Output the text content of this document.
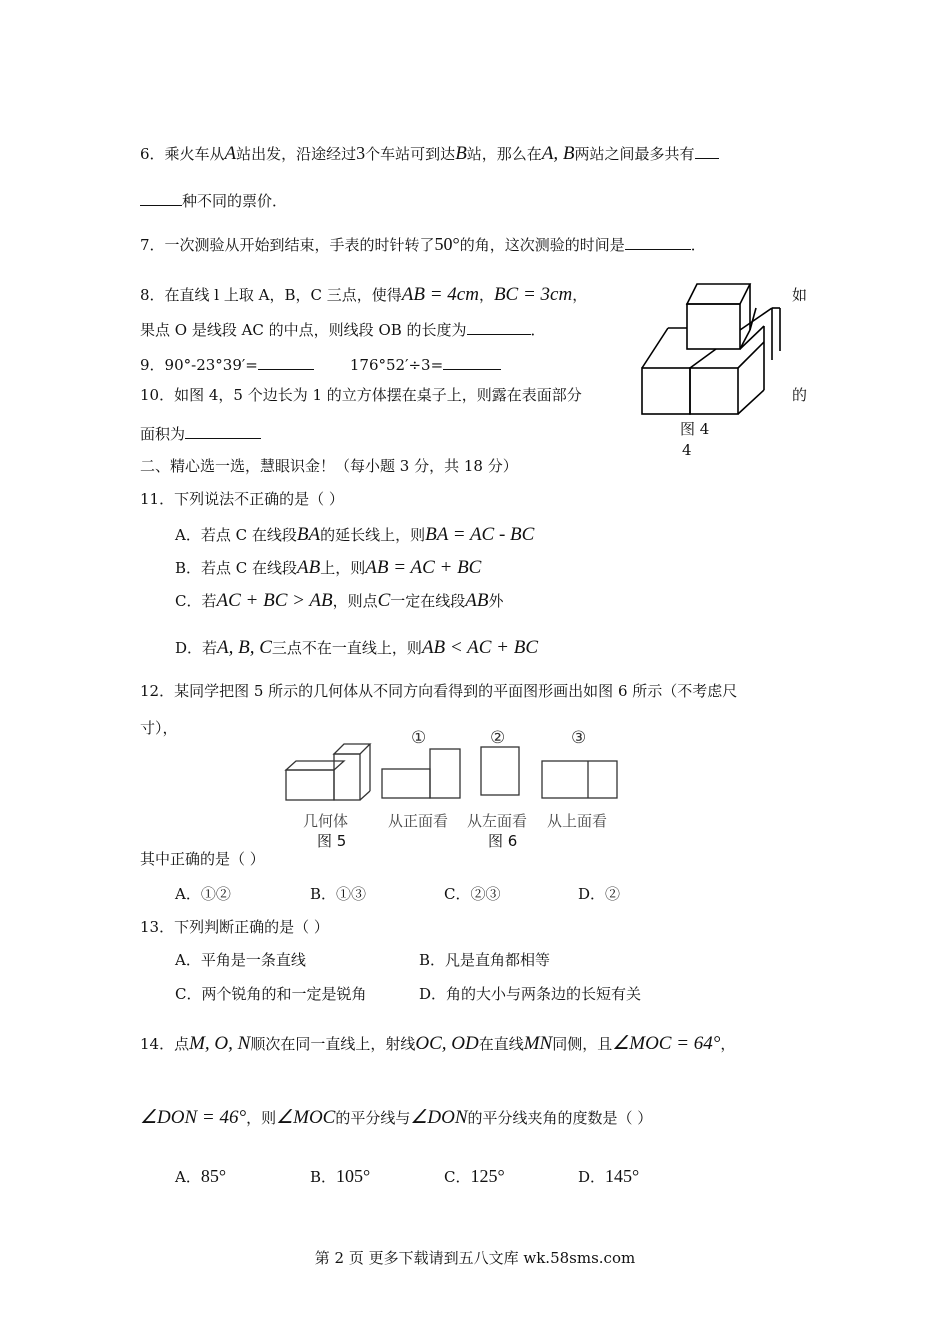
6．乘火车从A站出发，沿途经过3个车站可到达B站，那么在A, B两站之间最多共有
种不同的票价．
7．一次测验从开始到结束，手表的时针转了50°的角，这次测验的时间是	．
8．在直线 l 上取 A，B，C 三点，使得AB = 4cm，BC = 3cm，	如
果点 O 是线段 AC 的中点，则线段 OB 的长度为	．
9．90°-23°39′=	176°52′÷3=
10．如图 4，5 个边长为 1 的立方体摆在桌子上，则露在表面部分	的
面积为	图 4
4
二、精心选一选，慧眼识金！（每小题 3 分，共 18 分）
11．下列说法不正确的是（ ）
A．若点 C 在线段BA的延长线上，则BA = AC - BC
B．若点 C 在线段AB上，则AB = AC + BC
C．若AC + BC > AB，则点C一定在线段AB外
D．若A, B, C三点不在一直线上，则AB < AC + BC
12．某同学把图 5 所示的几何体从不同方向看得到的平面图形画出如图 6 所示（不考虑尺
寸），	①	②	③
几何体	从正面看 从左面看 从上面看
图 5	图 6
其中正确的是（ ）
A．①②	B．①③	C．②③	D．②
13．下列判断正确的是（ ）
A．平角是一条直线	B．凡是直角都相等
C．两个锐角的和一定是锐角	D．角的大小与两条边的长短有关
14．点M, O, N顺次在同一直线上，射线OC, OD在直线MN同侧，且∠MOC = 64°，
∠DON = 46°，则∠MOC的平分线与∠DON的平分线夹角的度数是（ ）
A．85°	B．105°	C．125°	D．145°
第 2 页 更多下载请到五八文库 wk.58sms.com
